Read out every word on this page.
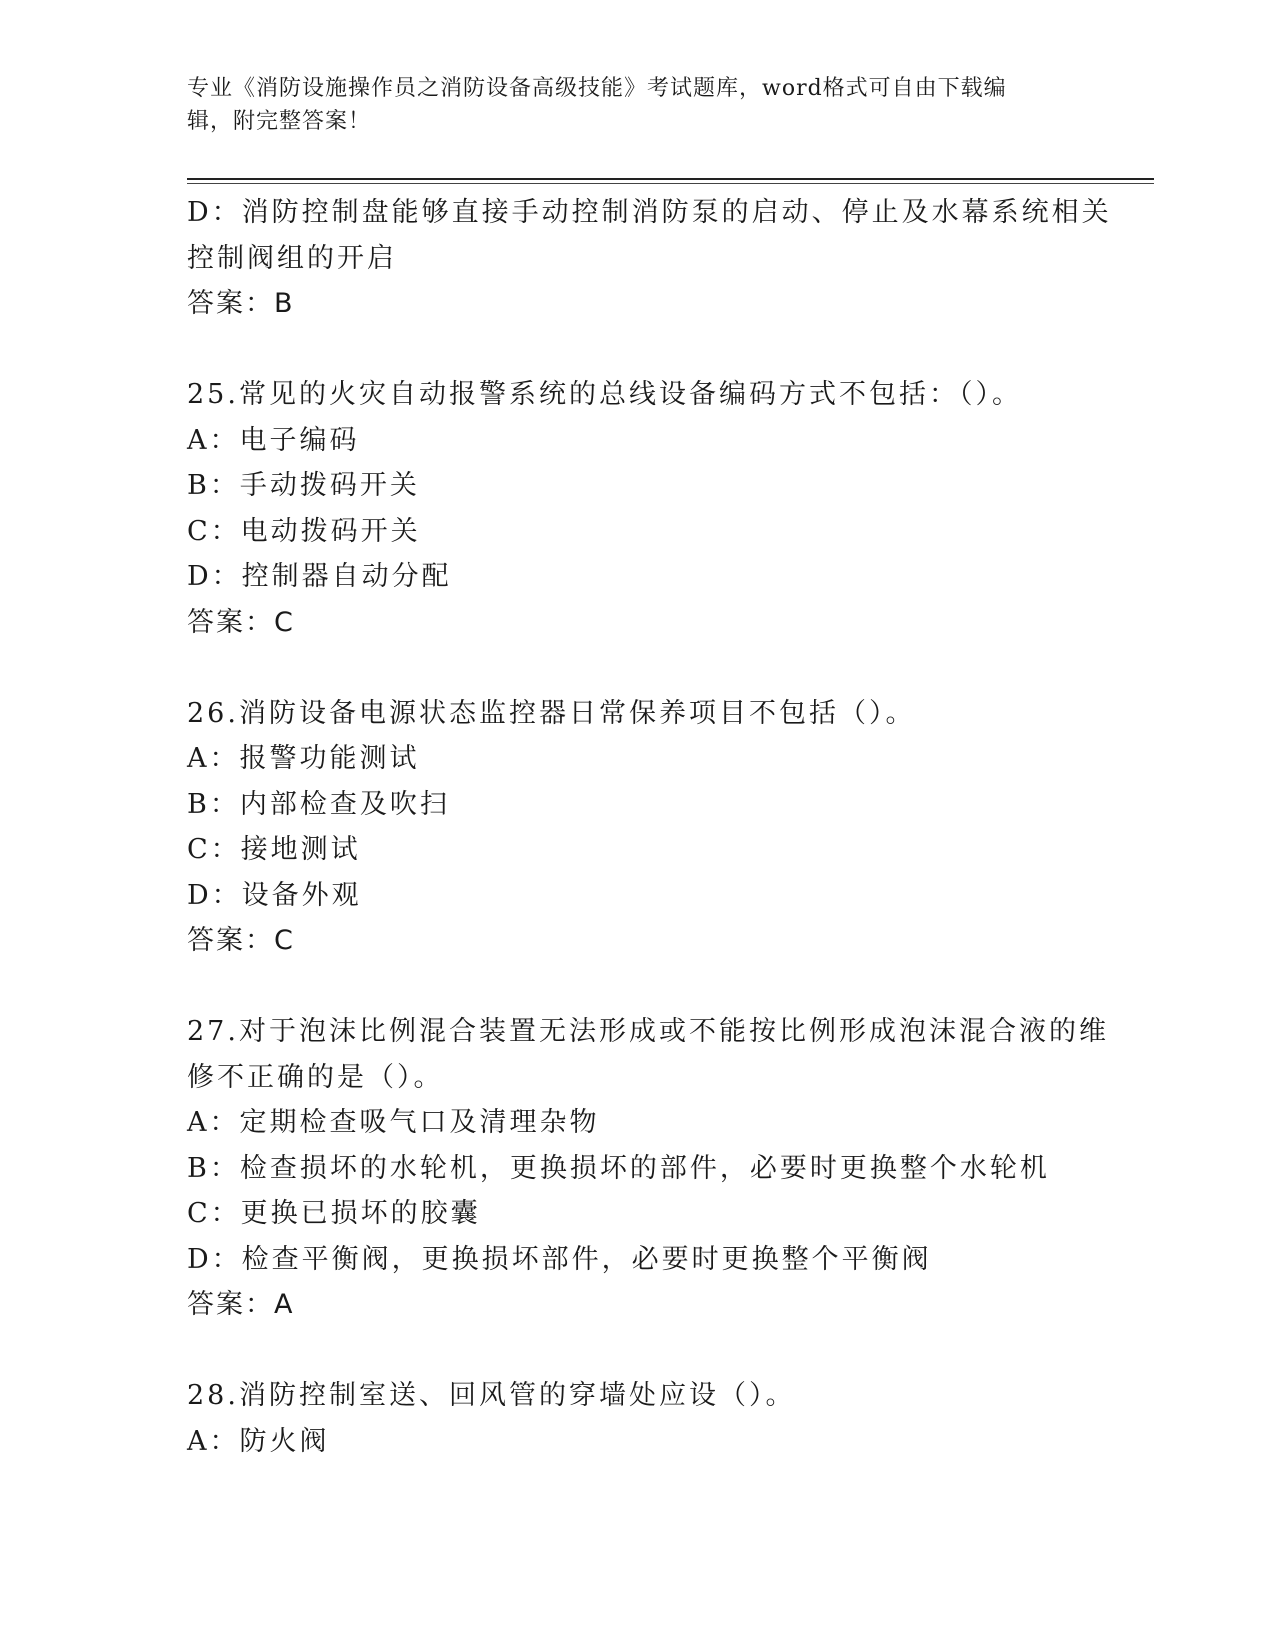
专业《消防设施操作员之消防设备高级技能》考试题库，word格式可自由下载编
辑，附完整答案！
D：消防控制盘能够直接手动控制消防泵的启动、停止及水幕系统相关
控制阀组的开启
答案：B
25.常见的火灾自动报警系统的总线设备编码方式不包括：（）。
A：电子编码
B：手动拨码开关
C：电动拨码开关
D：控制器自动分配
答案：C
26.消防设备电源状态监控器日常保养项目不包括（）。
A：报警功能测试
B：内部检查及吹扫
C：接地测试
D：设备外观
答案：C
27.对于泡沫比例混合装置无法形成或不能按比例形成泡沫混合液的维
修不正确的是（）。
A：定期检查吸气口及清理杂物
B：检查损坏的水轮机，更换损坏的部件，必要时更换整个水轮机
C：更换已损坏的胶囊
D：检查平衡阀，更换损坏部件，必要时更换整个平衡阀
答案：A
28.消防控制室送、回风管的穿墙处应设（）。
A：防火阀
